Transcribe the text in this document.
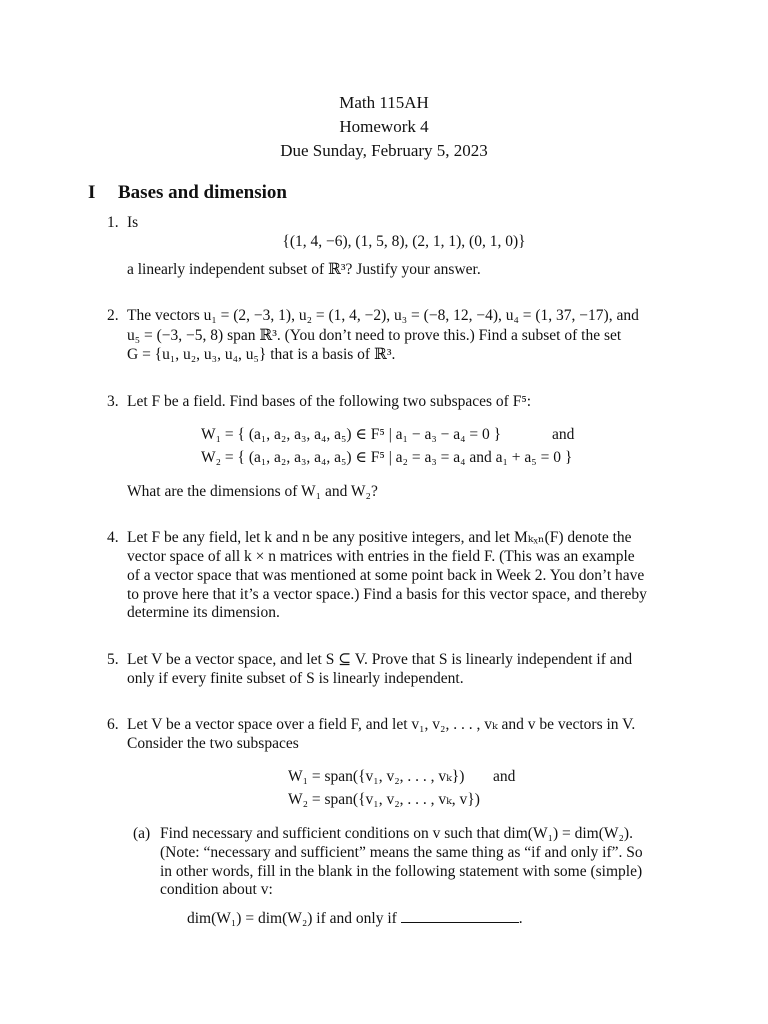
Math 115AH
Homework 4
Due Sunday, February 5, 2023
I Bases and dimension
1. Is
{(1, 4, −6), (1, 5, 8), (2, 1, 1), (0, 1, 0)}
a linearly independent subset of ℝ³? Justify your answer.
2. The vectors u₁ = (2, −3, 1), u₂ = (1, 4, −2), u₃ = (−8, 12, −4), u₄ = (1, 37, −17), and
u₅ = (−3, −5, 8) span ℝ³. (You don’t need to prove this.) Find a subset of the set
G = {u₁, u₂, u₃, u₄, u₅} that is a basis of ℝ³.
3. Let F be a field. Find bases of the following two subspaces of F⁵:
W₁ = { (a₁, a₂, a₃, a₄, a₅) ∈ F⁵ | a₁ − a₃ − a₄ = 0 }	and
W₂ = { (a₁, a₂, a₃, a₄, a₅) ∈ F⁵ | a₂ = a₃ = a₄ and a₁ + a₅ = 0 }
What are the dimensions of W₁ and W₂?
4. Let F be any field, let k and n be any positive integers, and let Mₖₓₙ(F) denote the
vector space of all k × n matrices with entries in the field F. (This was an example
of a vector space that was mentioned at some point back in Week 2. You don’t have
to prove here that it’s a vector space.) Find a basis for this vector space, and thereby
determine its dimension.
5. Let V be a vector space, and let S ⊆ V. Prove that S is linearly independent if and
only if every finite subset of S is linearly independent.
6. Let V be a vector space over a field F, and let v₁, v₂, . . . , vₖ and v be vectors in V.
Consider the two subspaces
W₁ = span({v₁, v₂, . . . , vₖ}) and
W₂ = span({v₁, v₂, . . . , vₖ, v})
(a) Find necessary and sufficient conditions on v such that dim(W₁) = dim(W₂).
(Note: “necessary and sufficient” means the same thing as “if and only if”. So
in other words, fill in the blank in the following statement with some (simple)
condition about v:
dim(W₁) = dim(W₂) if and only if	.
